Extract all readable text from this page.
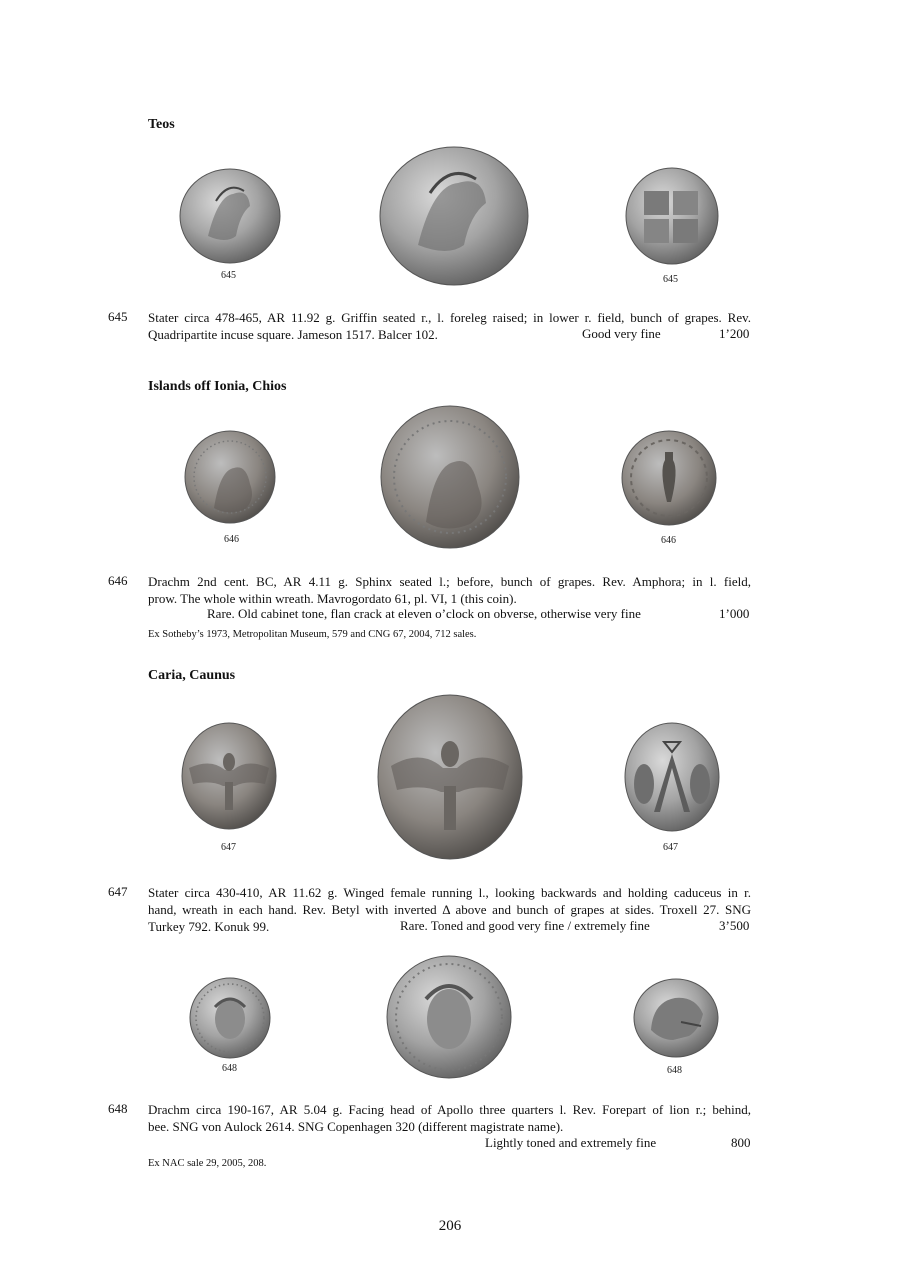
Teos
645	645
645 Stater circa 478-465, AR 11.92 g. Griffin seated r., l. foreleg raised; in lower r. field, bunch of grapes. Rev.
Quadripartite incuse square. Jameson 1517. Balcer 102.	Good very fine	1’200
Islands off Ionia, Chios
646	646
646 Drachm 2nd cent. BC, AR 4.11 g. Sphinx seated l.; before, bunch of grapes. Rev. Amphora; in l. field,
prow. The whole within wreath. Mavrogordato 61, pl. VI, 1 (this coin).
Rare. Old cabinet tone, flan crack at eleven o’clock on obverse, otherwise very fine	1’000
Ex Sotheby’s 1973, Metropolitan Museum, 579 and CNG 67, 2004, 712 sales.
Caria, Caunus
647	647
647 Stater circa 430-410, AR 11.62 g. Winged female running l., looking backwards and holding caduceus in r.
hand, wreath in each hand. Rev. Betyl with inverted Δ above and bunch of grapes at sides. Troxell 27. SNG
Turkey 792. Konuk 99.	Rare. Toned and good very fine / extremely fine	3’500
648	648
648 Drachm circa 190-167, AR 5.04 g. Facing head of Apollo three quarters l. Rev. Forepart of lion r.; behind,
bee. SNG von Aulock 2614. SNG Copenhagen 320 (different magistrate name).
Lightly toned and extremely fine	800
Ex NAC sale 29, 2005, 208.
206
